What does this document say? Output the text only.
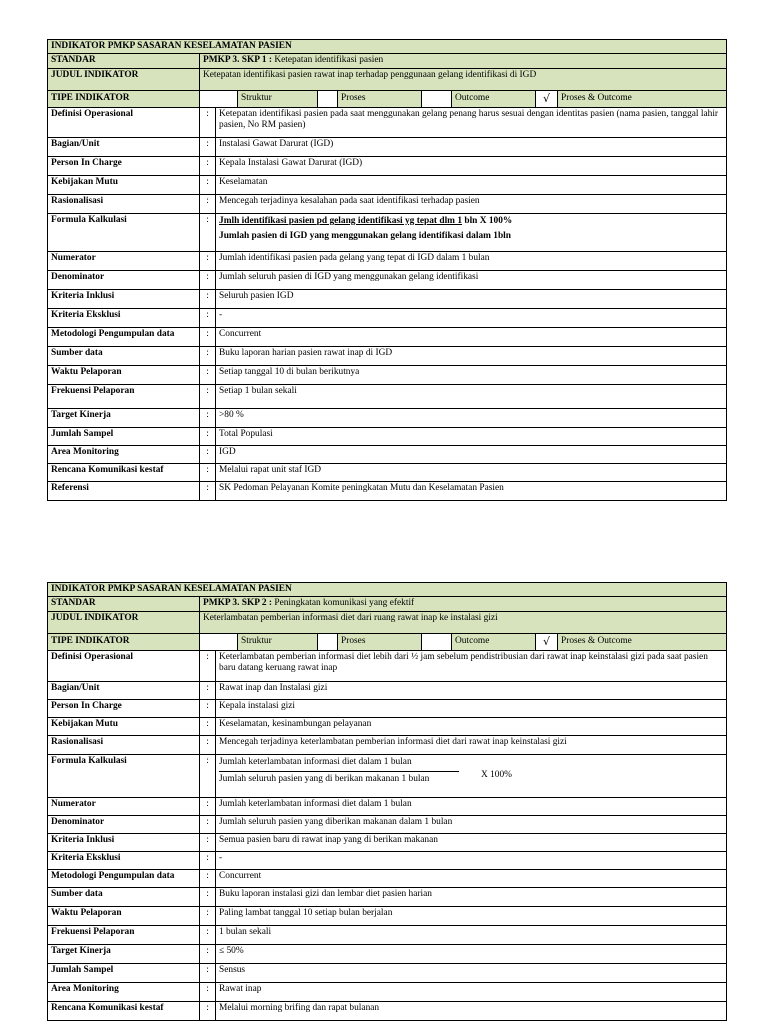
INDIKATOR PMKP SASARAN KESELAMATAN PASIEN									
STANDAR	PMKP 3. SKP 1 : Ketepatan identifikasi pasien								
JUDUL INDIKATOR	Ketepatan identifikasi pasien rawat inap terhadap penggunaan gelang identifikasi di IGD								
TIPE INDIKATOR			Struktur		Proses		Outcome	√	Proses & Outcome
Definisi Operasional	:	Ketepatan identifikasi pasien pada saat menggunakan gelang penang harus sesuai dengan identitas pasien (nama pasien, tanggal lahir pasien, No RM pasien)							
Bagian/Unit	:	Instalasi Gawat Darurat (IGD)							
Person In Charge	:	Kepala Instalasi Gawat Darurat (IGD)							
Kebijakan Mutu	:	Keselamatan							
Rasionalisasi	:	Mencegah terjadinya kesalahan pada saat identifikasi terhadap pasien							
Formula Kalkulasi	:	Jmlh identifikasi pasien pd gelang identifikasi yg tepat dlm 1 bln X 100%
Jumlah pasien di IGD yang menggunakan gelang identifikasi dalam 1bln							

Numerator	:	Jumlah identifikasi pasien pada gelang yang tepat di IGD dalam 1 bulan							
Denominator	:	Jumlah seluruh pasien di IGD yang menggunakan gelang identifikasi							
Kriteria Inklusi	:	Seluruh pasien IGD							
Kriteria Eksklusi	:	-							
Metodologi Pengumpulan data	:	Concurrent							
Sumber data	:	Buku laporan harian pasien rawat inap di IGD							
Waktu Pelaporan	:	Setiap tanggal 10 di bulan berikutnya							
Frekuensi Pelaporan	:	Setiap 1 bulan sekali							
Target Kinerja	:	>80 %							
Jumlah Sampel	:	Total Populasi							
Area Monitoring	:	IGD							
Rencana Komunikasi kestaf	:	Melalui rapat unit staf IGD							
Referensi	:	SK Pedoman Pelayanan Komite peningkatan Mutu dan Keselamatan Pasien							
INDIKATOR PMKP SASARAN KESELAMATAN PASIEN									
STANDAR	PMKP 3. SKP 2 : Peningkatan komunikasi yang efektif								
JUDUL INDIKATOR	Keterlambatan pemberian informasi diet dari ruang rawat inap ke instalasi gizi								
TIPE INDIKATOR			Struktur		Proses		Outcome	√	Proses & Outcome
Definisi Operasional	:	Keterlambatan pemberian informasi diet lebih dari ½ jam sebelum pendistribusian dari rawat inap keinstalasi gizi pada saat pasien baru datang keruang rawat inap							
Bagian/Unit	:	Rawat inap dan Instalasi gizi							
Person In Charge	:	Kepala instalasi gizi							
Kebijakan Mutu	:	Keselamatan, kesinambungan pelayanan							
Rasionalisasi	:	Mencegah terjadinya keterlambatan pemberian informasi diet dari rawat inap keinstalasi gizi							
Formula Kalkulasi	:	Jumlah keterlambatan informasi diet dalam 1 bulan
Jumlah seluruh pasien yang di berikan makanan 1 bulan X 100%							

Numerator	:	Jumlah keterlambatan informasi diet dalam 1 bulan							
Denominator	:	Jumlah seluruh pasien yang diberikan makanan dalam 1 bulan							
Kriteria Inklusi	:	Semua pasien baru di rawat inap yang di berikan makanan							
Kriteria Eksklusi	:	-							
Metodologi Pengumpulan data	:	Concurrent							
Sumber data	:	Buku laporan instalasi gizi dan lembar diet pasien harian							
Waktu Pelaporan	:	Paling lambat tanggal 10 setiap bulan berjalan							
Frekuensi Pelaporan	:	1 bulan sekali							
Target Kinerja	:	≤ 50%							
Jumlah Sampel	:	Sensus							
Area Monitoring	:	Rawat inap							
Rencana Komunikasi kestaf	:	Melalui morning brifing dan rapat bulanan							
